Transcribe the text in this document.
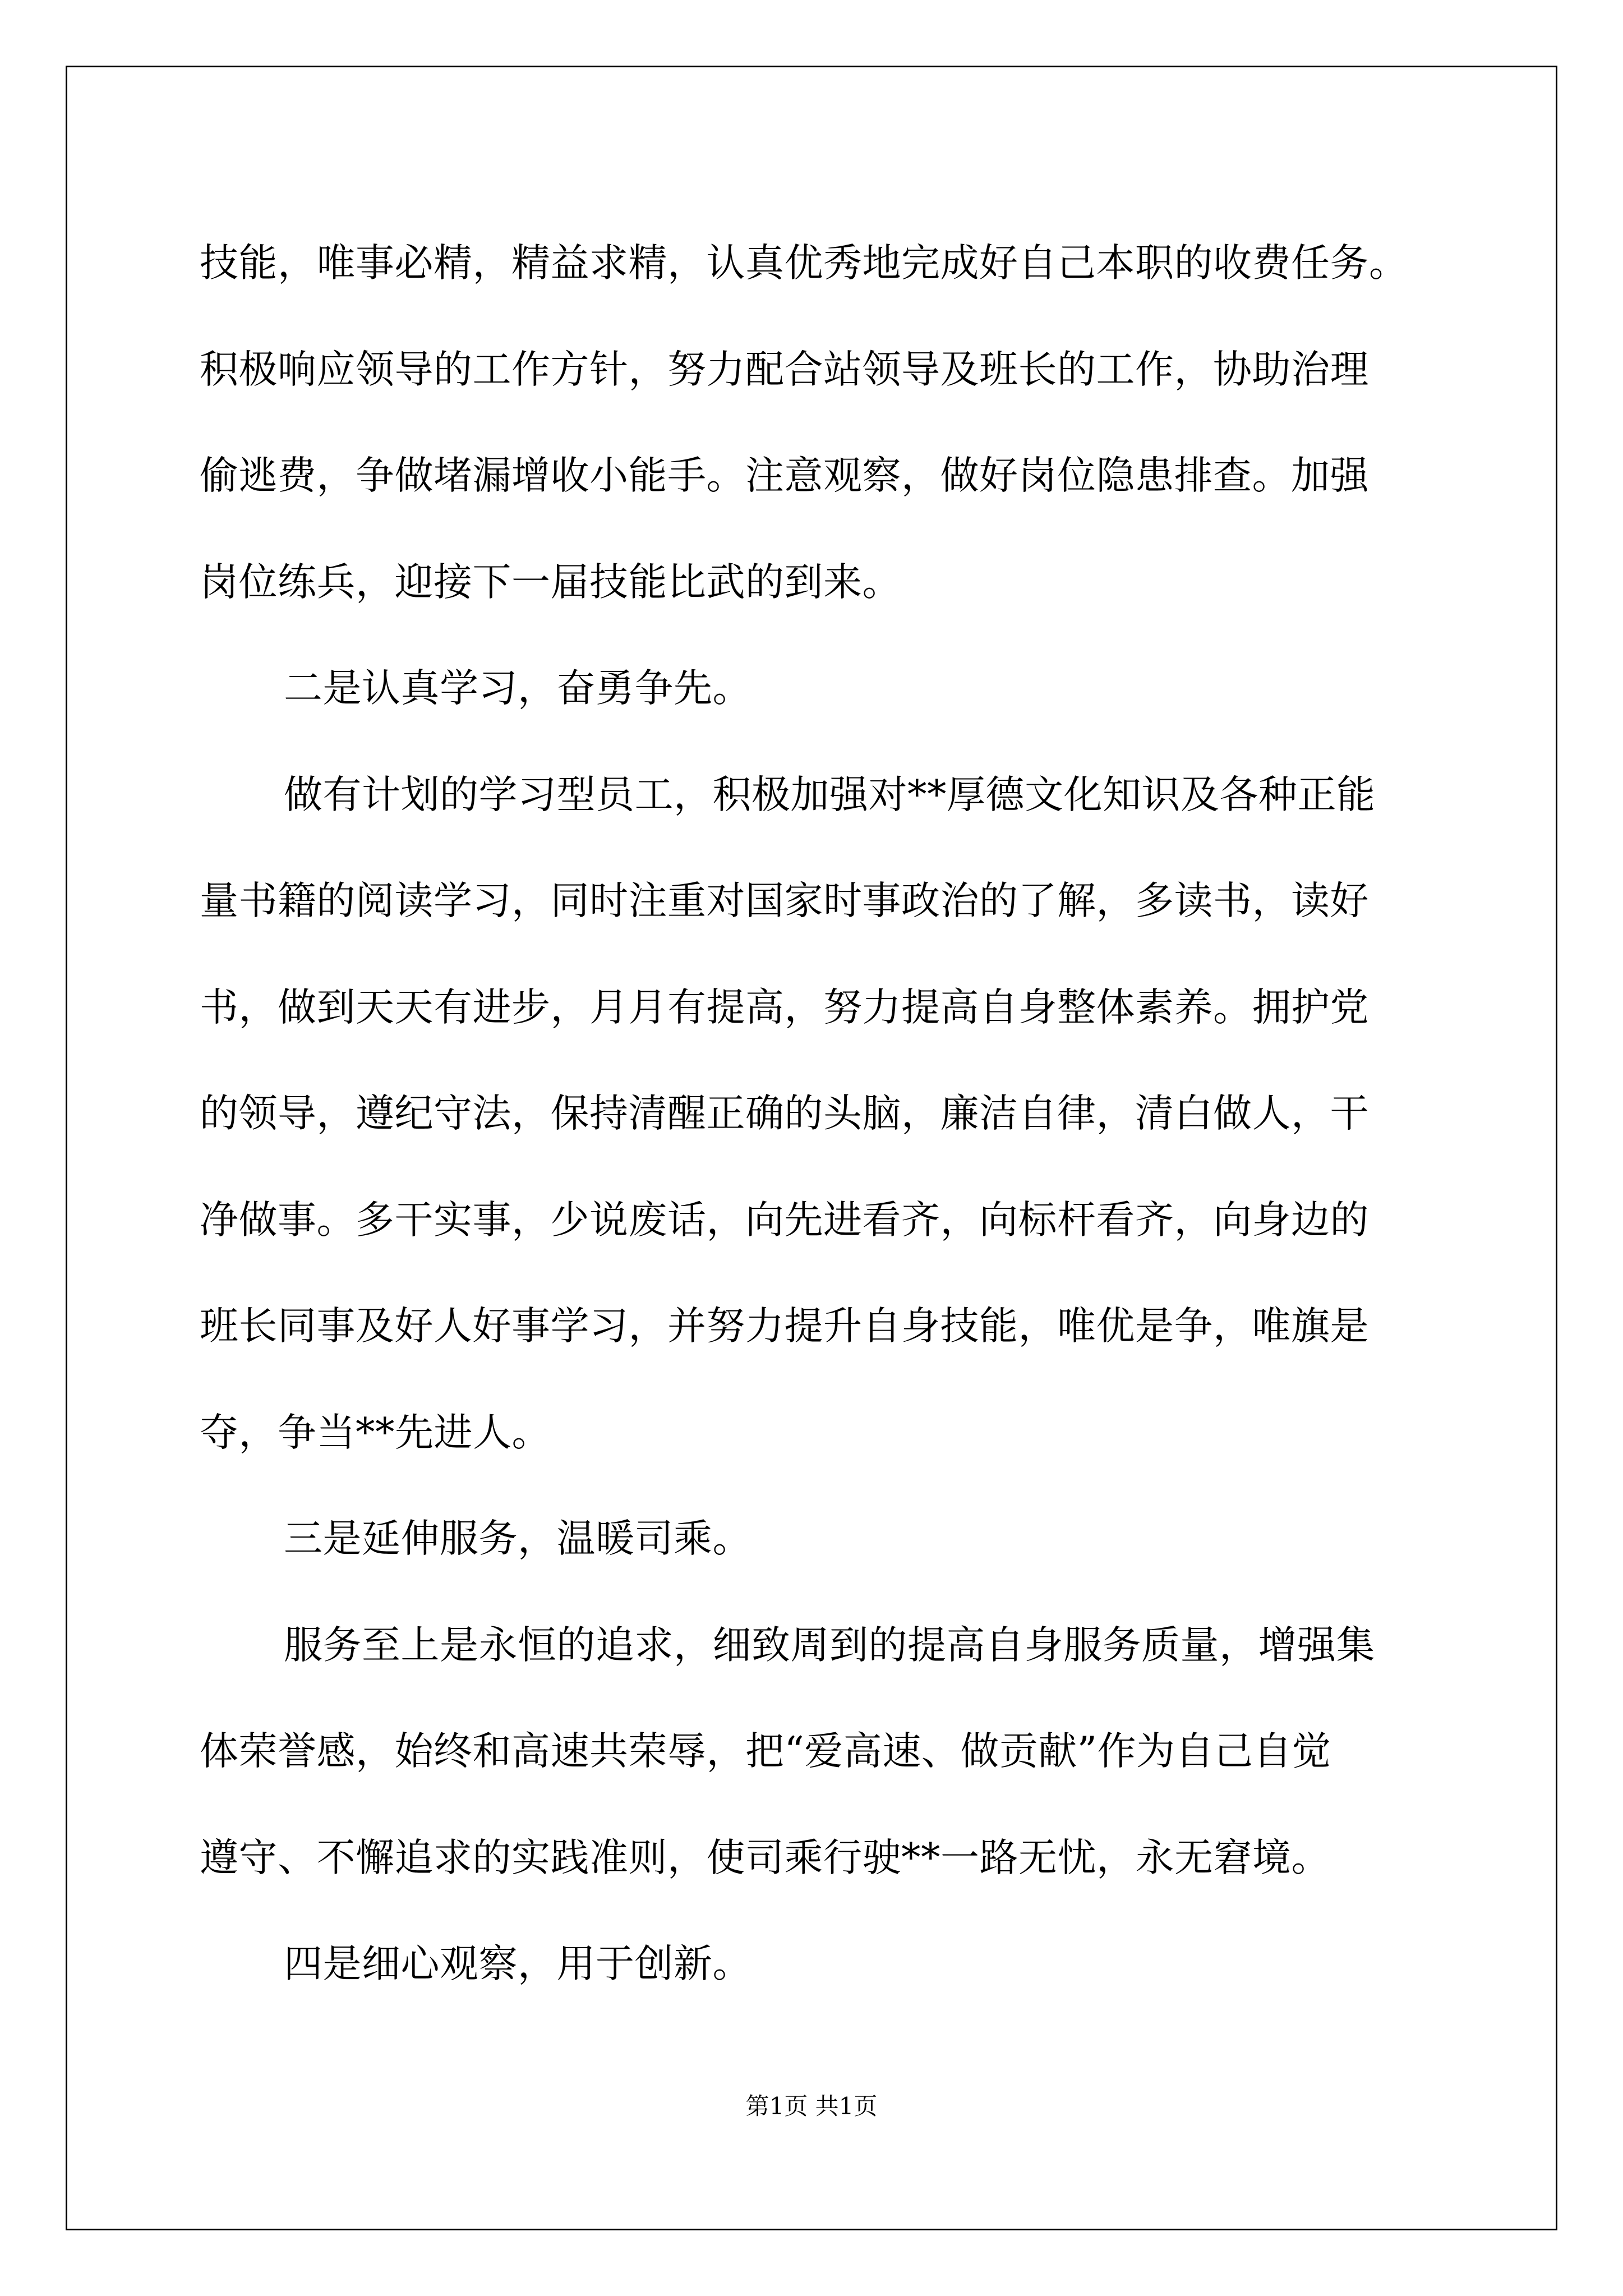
技能，唯事必精，精益求精，认真优秀地完成好自己本职的收费任务。
积极响应领导的工作方针，努力配合站领导及班长的工作，协助治理
偷逃费，争做堵漏增收小能手。注意观察，做好岗位隐患排查。加强
岗位练兵，迎接下一届技能比武的到来。
二是认真学习，奋勇争先。
做有计划的学习型员工，积极加强对**厚德文化知识及各种正能
量书籍的阅读学习，同时注重对国家时事政治的了解，多读书，读好
书，做到天天有进步，月月有提高，努力提高自身整体素养。拥护党
的领导，遵纪守法，保持清醒正确的头脑，廉洁自律，清白做人，干
净做事。多干实事，少说废话，向先进看齐，向标杆看齐，向身边的
班长同事及好人好事学习，并努力提升自身技能，唯优是争，唯旗是
夺，争当**先进人。
三是延伸服务，温暖司乘。
服务至上是永恒的追求，细致周到的提高自身服务质量，增强集
体荣誉感，始终和高速共荣辱，把“爱高速、做贡献”作为自己自觉
遵守、不懈追求的实践准则，使司乘行驶**一路无忧，永无窘境。
四是细心观察，用于创新。
第1页 共1页
